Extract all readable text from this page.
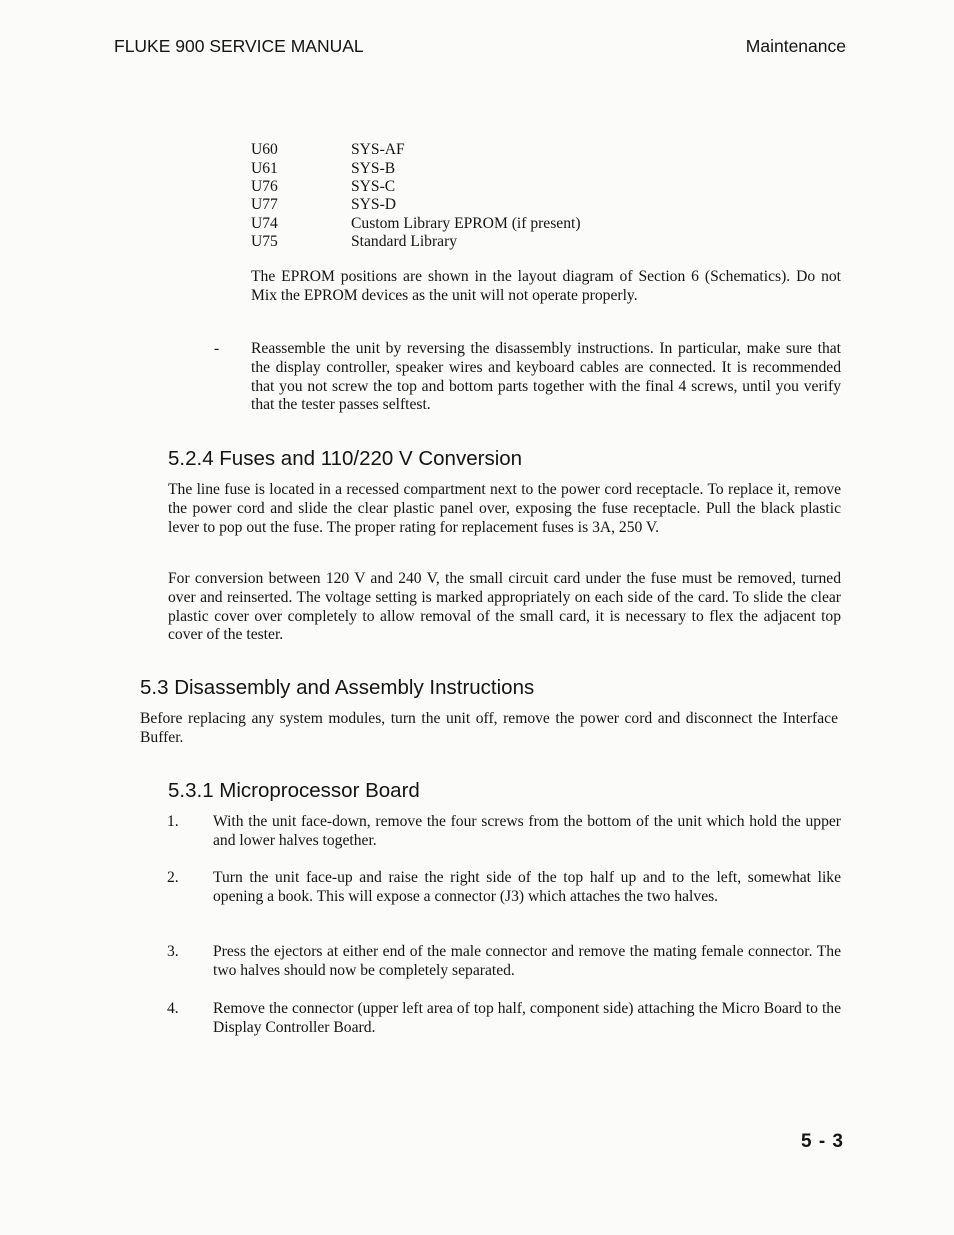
FLUKE 900 SERVICE MANUAL	Maintenance
U60	SYS-AF
U61	SYS-B
U76	SYS-C
U77	SYS-D
U74	Custom Library EPROM (if present)
U75	Standard Library
The EPROM positions are shown in the layout diagram of Section 6 (Schematics). Do not Mix the EPROM devices as the unit will not operate properly.
- Reassemble the unit by reversing the disassembly instructions. In particular, make sure that the display controller, speaker wires and keyboard cables are connected. It is recommended that you not screw the top and bottom parts together with the final 4 screws, until you verify that the tester passes selftest.
5.2.4 Fuses and 110/220 V Conversion
The line fuse is located in a recessed compartment next to the power cord receptacle. To replace it, remove the power cord and slide the clear plastic panel over, exposing the fuse receptacle. Pull the black plastic lever to pop out the fuse. The proper rating for replacement fuses is 3A, 250 V.
For conversion between 120 V and 240 V, the small circuit card under the fuse must be removed, turned over and reinserted. The voltage setting is marked appropriately on each side of the card. To slide the clear plastic cover over completely to allow removal of the small card, it is necessary to flex the adjacent top cover of the tester.
5.3 Disassembly and Assembly Instructions
Before replacing any system modules, turn the unit off, remove the power cord and disconnect the Interface Buffer.
5.3.1 Microprocessor Board
1. With the unit face-down, remove the four screws from the bottom of the unit which hold the upper and lower halves together.
2. Turn the unit face-up and raise the right side of the top half up and to the left, somewhat like opening a book. This will expose a connector (J3) which attaches the two halves.
3. Press the ejectors at either end of the male connector and remove the mating female connector. The two halves should now be completely separated.
4. Remove the connector (upper left area of top half, component side) attaching the Micro Board to the Display Controller Board.
5 - 3
